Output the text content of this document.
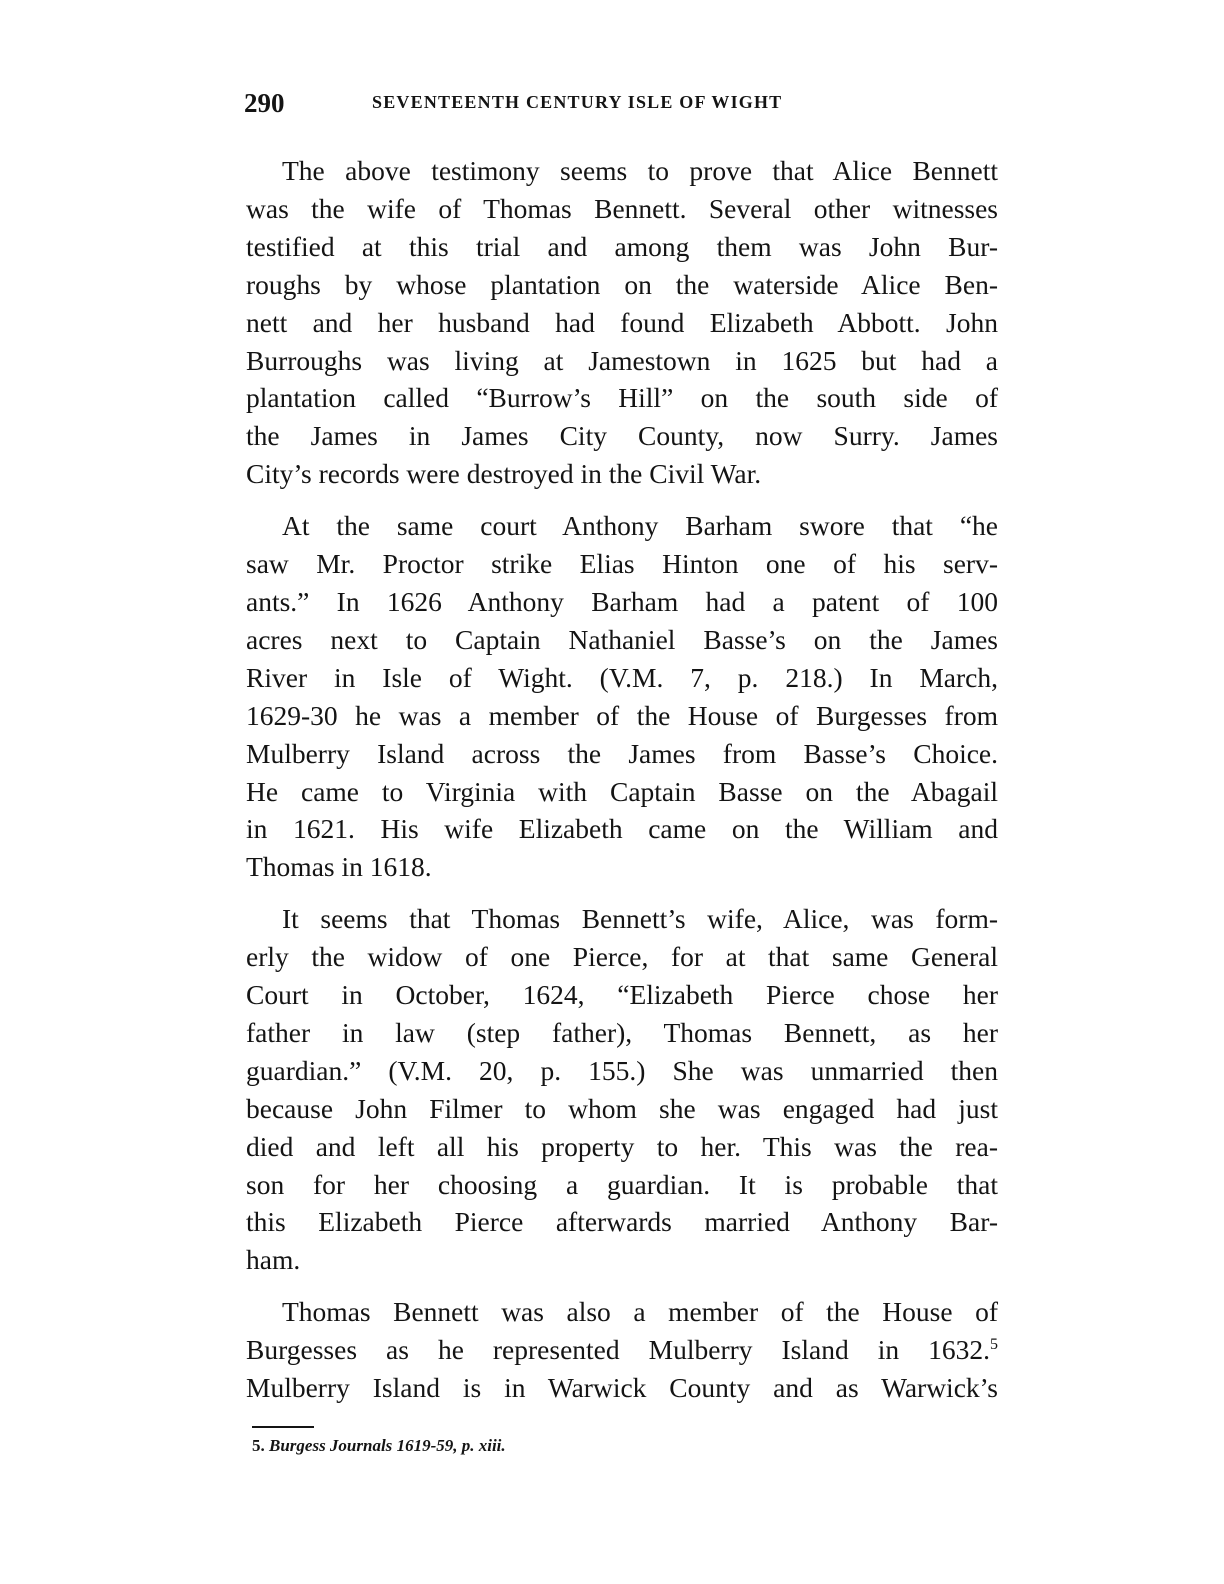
290	SEVENTEENTH CENTURY ISLE OF WIGHT

The above testimony seems to prove that Alice Bennett
was the wife of Thomas Bennett. Several other witnesses
testified at this trial and among them was John Bur-
roughs by whose plantation on the waterside Alice Ben-
nett and her husband had found Elizabeth Abbott. John
Burroughs was living at Jamestown in 1625 but had a
plantation called “Burrow’s Hill” on the south side of
the James in James City County, now Surry. James
City’s records were destroyed in the Civil War.

At the same court Anthony Barham swore that “he
saw Mr. Proctor strike Elias Hinton one of his serv-
ants.” In 1626 Anthony Barham had a patent of 100
acres next to Captain Nathaniel Basse’s on the James
River in Isle of Wight. (V.M. 7, p. 218.) In March,
1629-30 he was a member of the House of Burgesses from
Mulberry Island across the James from Basse’s Choice.
He came to Virginia with Captain Basse on the Abagail
in 1621. His wife Elizabeth came on the William and
Thomas in 1618.

It seems that Thomas Bennett’s wife, Alice, was form-
erly the widow of one Pierce, for at that same General
Court in October, 1624, “Elizabeth Pierce chose her
father in law (step father), Thomas Bennett, as her
guardian.” (V.M. 20, p. 155.) She was unmarried then
because John Filmer to whom she was engaged had just
died and left all his property to her. This was the rea-
son for her choosing a guardian. It is probable that
this Elizabeth Pierce afterwards married Anthony Bar-
ham.

Thomas Bennett was also a member of the House of
Burgesses as he represented Mulberry Island in 1632.$^5$
Mulberry Island is in Warwick County and as Warwick’s

5. Burgess Journals 1619-59, p. xiii.
